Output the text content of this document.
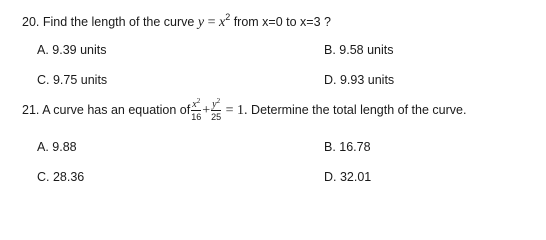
20. Find the length of the curve $y = x^2$ from x=0 to x=3 ?
A. 9.39 units	B. 9.58 units
C. 9.75 units	D. 9.93 units
21. A curve has an equation of $\frac{x^2}{16} + \frac{y^2}{25} = 1$. Determine the total length of the curve.
A. 9.88	B. 16.78
C. 28.36	D. 32.01
